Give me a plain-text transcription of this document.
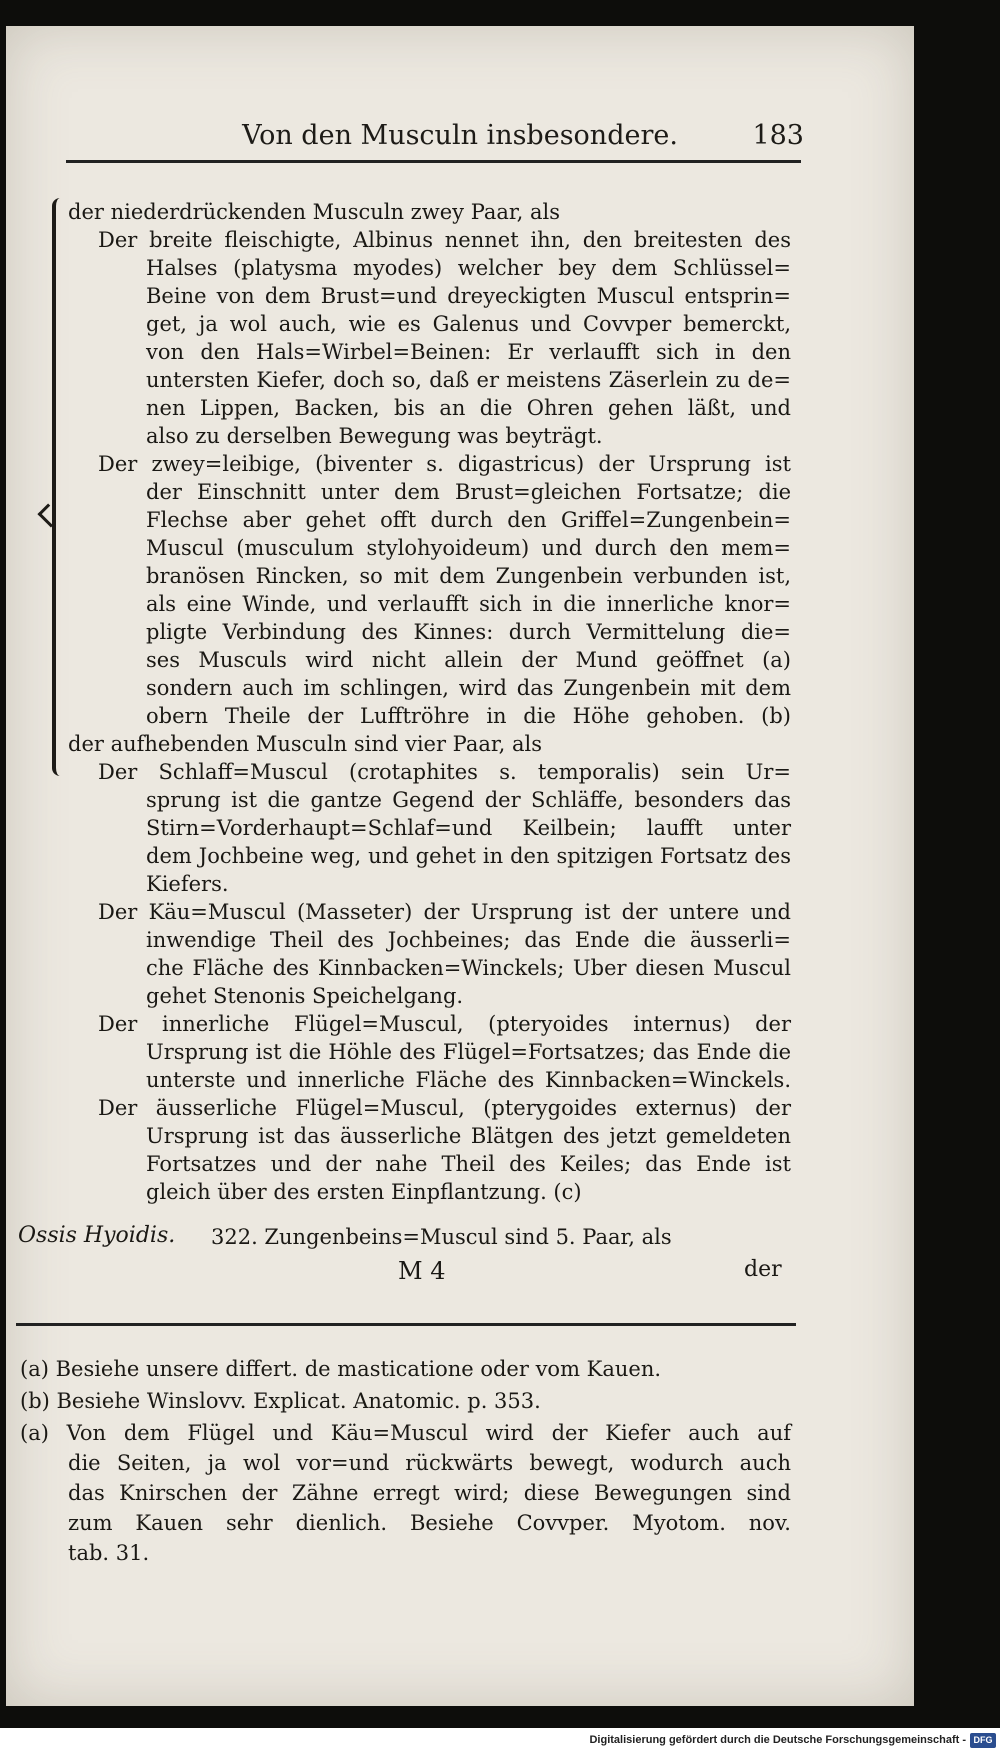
Von den Musculn insbesondere.	183
der niederdrückenden Musculn zwey Paar, als
Der breite fleischigte, Albinus nennet ihn, den breitesten des
Halses (platysma myodes) welcher bey dem Schlüssel=
Beine von dem Brust=und dreyeckigten Muscul entsprin=
get, ja wol auch, wie es Galenus und Covvper bemerckt,
von den Hals=Wirbel=Beinen: Er verlaufft sich in den
untersten Kiefer, doch so, daß er meistens Zäserlein zu de=
nen Lippen, Backen, bis an die Ohren gehen läßt, und
also zu derselben Bewegung was beyträgt.
Der zwey=leibige, (biventer s. digastricus) der Ursprung ist
der Einschnitt unter dem Brust=gleichen Fortsatze; die
Flechse aber gehet offt durch den Griffel=Zungenbein=
Muscul (musculum stylohyoideum) und durch den mem=
branösen Rincken, so mit dem Zungenbein verbunden ist,
als eine Winde, und verlaufft sich in die innerliche knor=
pligte Verbindung des Kinnes: durch Vermittelung die=
ses Musculs wird nicht allein der Mund geöffnet (a)
sondern auch im schlingen, wird das Zungenbein mit dem
obern Theile der Lufftröhre in die Höhe gehoben. (b)
der aufhebenden Musculn sind vier Paar, als
Der Schlaff=Muscul (crotaphites s. temporalis) sein Ur=
sprung ist die gantze Gegend der Schläffe, besonders das
Stirn=Vorderhaupt=Schlaf=und Keilbein; laufft unter
dem Jochbeine weg, und gehet in den spitzigen Fortsatz des
Kiefers.
Der Käu=Muscul (Masseter) der Ursprung ist der untere und
inwendige Theil des Jochbeines; das Ende die äusserli=
che Fläche des Kinnbacken=Winckels; Uber diesen Muscul
gehet Stenonis Speichelgang.
Der innerliche Flügel=Muscul, (pteryoides internus) der
Ursprung ist die Höhle des Flügel=Fortsatzes; das Ende die
unterste und innerliche Fläche des Kinnbacken=Winckels.
Der äusserliche Flügel=Muscul, (pterygoides externus) der
Ursprung ist das äusserliche Blätgen des jetzt gemeldeten
Fortsatzes und der nahe Theil des Keiles; das Ende ist
gleich über des ersten Einpflantzung. (c)
Ossis Hyoidis.	322. Zungenbeins=Muscul sind 5. Paar, als
M 4	der
(a) Besiehe unsere differt. de masticatione oder vom Kauen.
(b) Besiehe Winslovv. Explicat. Anatomic. p. 353.
(a) Von dem Flügel und Käu=Muscul wird der Kiefer auch auf
die Seiten, ja wol vor=und rückwärts bewegt, wodurch auch
das Knirschen der Zähne erregt wird; diese Bewegungen sind
zum Kauen sehr dienlich. Besiehe Covvper. Myotom. nov.
tab. 31.
Digitalisierung gefördert durch die Deutsche Forschungsgemeinschaft - DFG
